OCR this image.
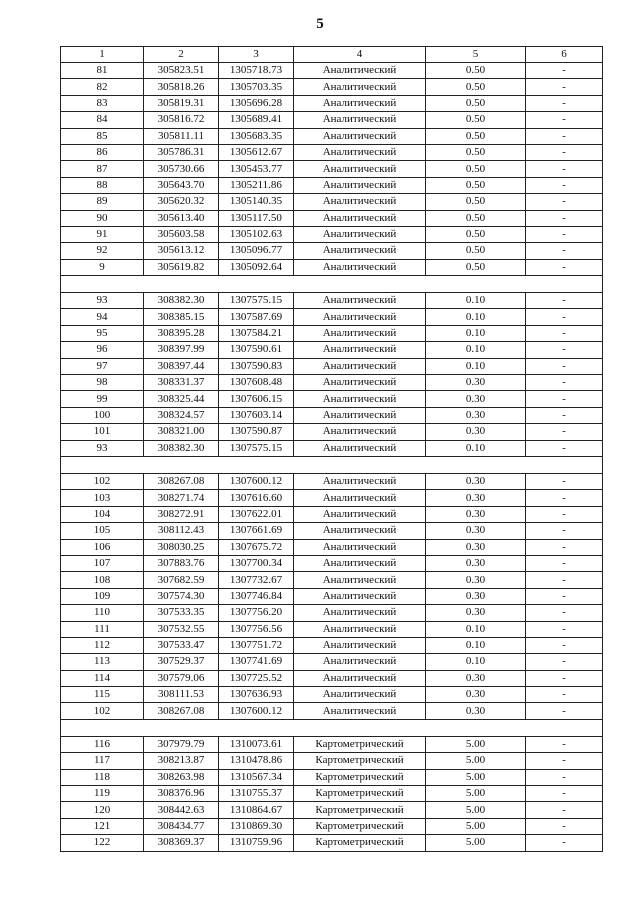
5
1	2	3	4	5	6
81	305823.51	1305718.73	Аналитический	0.50	-
82	305818.26	1305703.35	Аналитический	0.50	-
83	305819.31	1305696.28	Аналитический	0.50	-
84	305816.72	1305689.41	Аналитический	0.50	-
85	305811.11	1305683.35	Аналитический	0.50	-
86	305786.31	1305612.67	Аналитический	0.50	-
87	305730.66	1305453.77	Аналитический	0.50	-
88	305643.70	1305211.86	Аналитический	0.50	-
89	305620.32	1305140.35	Аналитический	0.50	-
90	305613.40	1305117.50	Аналитический	0.50	-
91	305603.58	1305102.63	Аналитический	0.50	-
92	305613.12	1305096.77	Аналитический	0.50	-
9	305619.82	1305092.64	Аналитический	0.50	-

93	308382.30	1307575.15	Аналитический	0.10	-
94	308385.15	1307587.69	Аналитический	0.10	-
95	308395.28	1307584.21	Аналитический	0.10	-
96	308397.99	1307590.61	Аналитический	0.10	-
97	308397.44	1307590.83	Аналитический	0.10	-
98	308331.37	1307608.48	Аналитический	0.30	-
99	308325.44	1307606.15	Аналитический	0.30	-
100	308324.57	1307603.14	Аналитический	0.30	-
101	308321.00	1307590.87	Аналитический	0.30	-
93	308382.30	1307575.15	Аналитический	0.10	-

102	308267.08	1307600.12	Аналитический	0.30	-
103	308271.74	1307616.60	Аналитический	0.30	-
104	308272.91	1307622.01	Аналитический	0.30	-
105	308112.43	1307661.69	Аналитический	0.30	-
106	308030.25	1307675.72	Аналитический	0.30	-
107	307883.76	1307700.34	Аналитический	0.30	-
108	307682.59	1307732.67	Аналитический	0.30	-
109	307574.30	1307746.84	Аналитический	0.30	-
110	307533.35	1307756.20	Аналитический	0.30	-
111	307532.55	1307756.56	Аналитический	0.10	-
112	307533.47	1307751.72	Аналитический	0.10	-
113	307529.37	1307741.69	Аналитический	0.10	-
114	307579.06	1307725.52	Аналитический	0.30	-
115	308111.53	1307636.93	Аналитический	0.30	-
102	308267.08	1307600.12	Аналитический	0.30	-

116	307979.79	1310073.61	Картометрический	5.00	-
117	308213.87	1310478.86	Картометрический	5.00	-
118	308263.98	1310567.34	Картометрический	5.00	-
119	308376.96	1310755.37	Картометрический	5.00	-
120	308442.63	1310864.67	Картометрический	5.00	-
121	308434.77	1310869.30	Картометрический	5.00	-
122	308369.37	1310759.96	Картометрический	5.00	-
